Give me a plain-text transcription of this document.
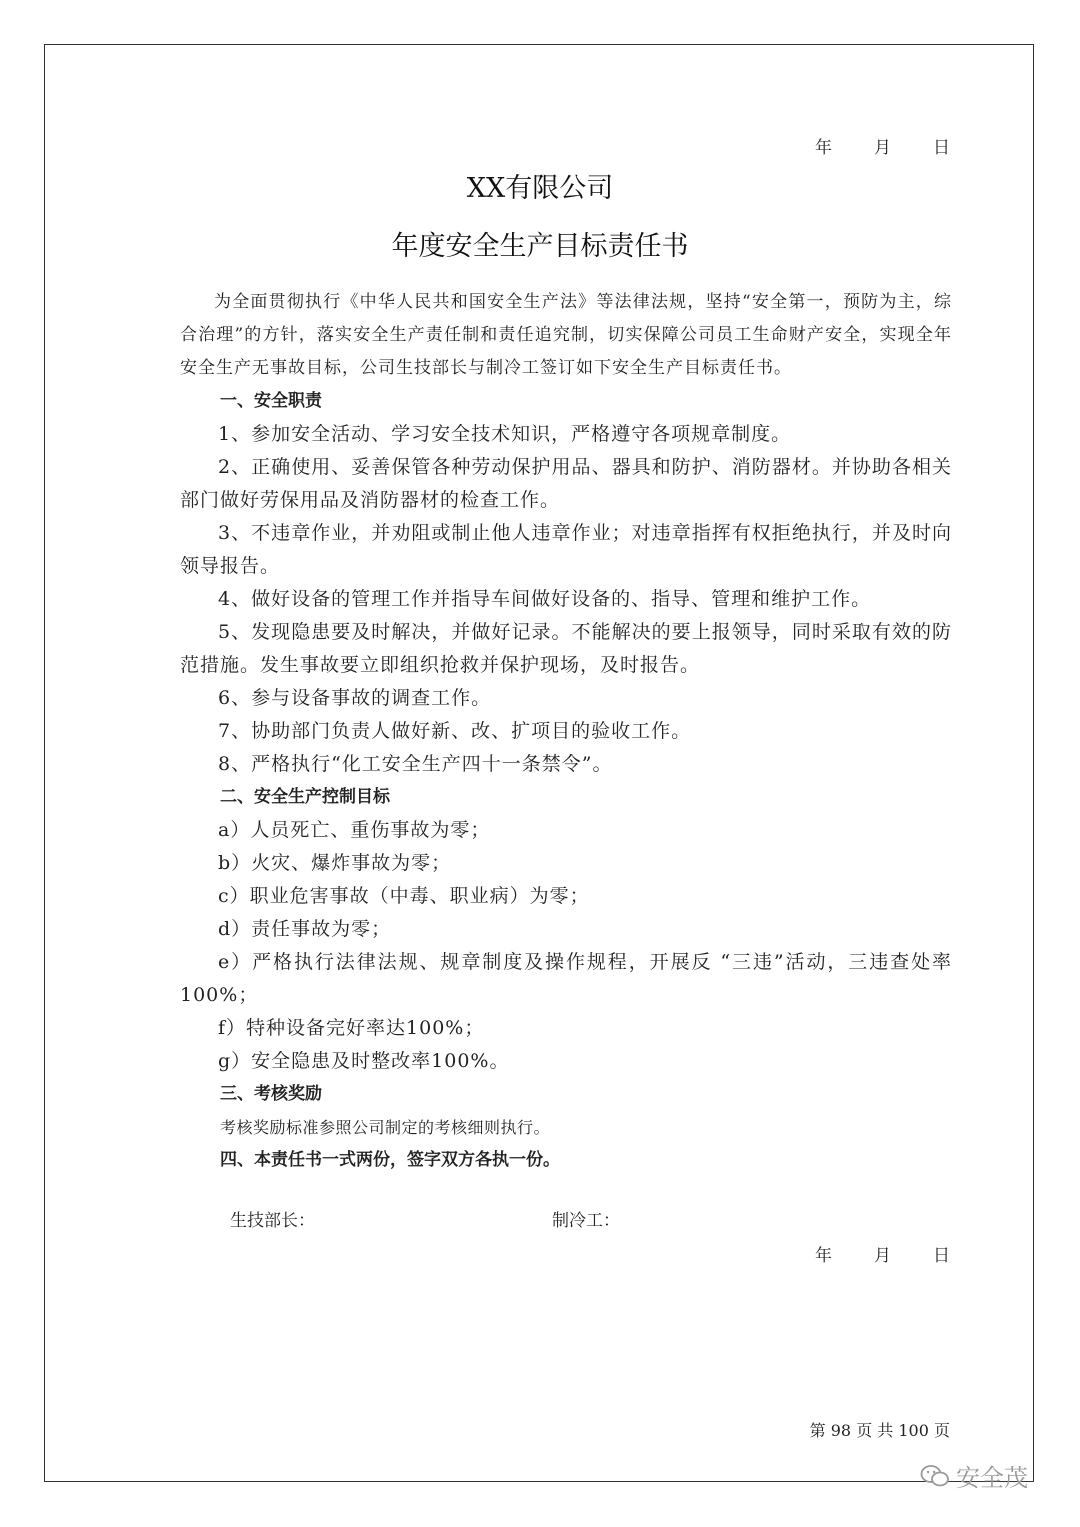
年 月 日
XX有限公司
年度安全生产目标责任书

为全面贯彻执行《中华人民共和国安全生产法》等法律法规，坚持“安全第一，预防为主，综合治理”的方针，落实安全生产责任制和责任追究制，切实保障公司员工生命财产安全，实现全年安全生产无事故目标，公司生技部长与制冷工签订如下安全生产目标责任书。

一、安全职责

1、参加安全活动、学习安全技术知识，严格遵守各项规章制度。

2、正确使用、妥善保管各种劳动保护用品、器具和防护、消防器材。并协助各相关部门做好劳保用品及消防器材的检查工作。

3、不违章作业，并劝阻或制止他人违章作业；对违章指挥有权拒绝执行，并及时向领导报告。

4、做好设备的管理工作并指导车间做好设备的、指导、管理和维护工作。

5、发现隐患要及时解决，并做好记录。不能解决的要上报领导，同时采取有效的防范措施。发生事故要立即组织抢救并保护现场，及时报告。

6、参与设备事故的调查工作。

7、协助部门负责人做好新、改、扩项目的验收工作。

8、严格执行“化工安全生产四十一条禁令”。

二、安全生产控制目标

a）人员死亡、重伤事故为零；

b）火灾、爆炸事故为零；

c）职业危害事故（中毒、职业病）为零；

d）责任事故为零；

e）严格执行法律法规、规章制度及操作规程，开展反 “三违”活动，三违查处率100%；

f）特种设备完好率达100%；

g）安全隐患及时整改率100%。

三、考核奖励

考核奖励标准参照公司制定的考核细则执行。

四、本责任书一式两份，签字双方各执一份。

生技部长：	制冷工：
年 月 日
第 98 页 共 100 页
安全茂
